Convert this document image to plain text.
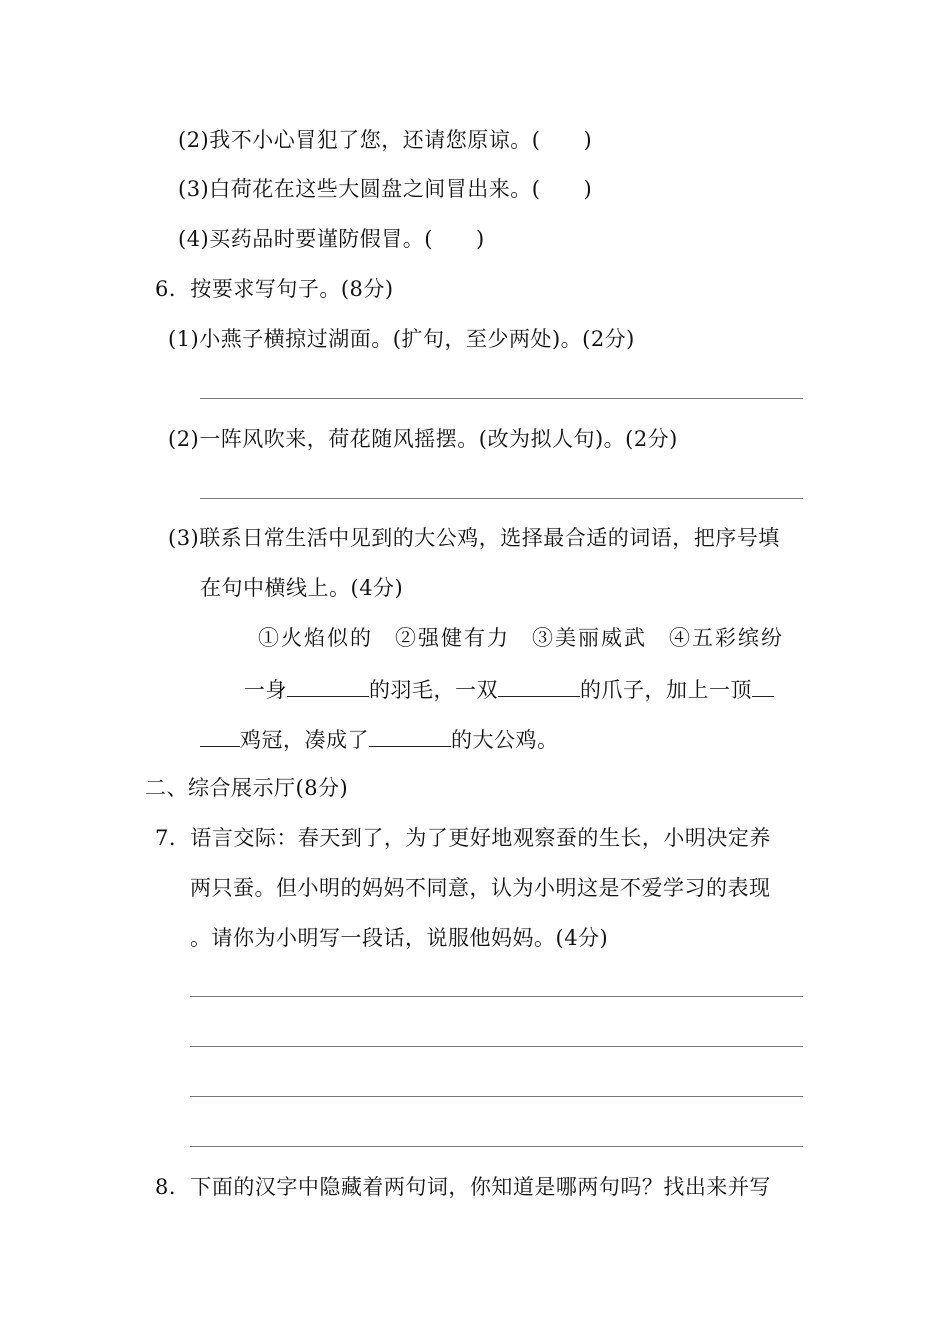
(2)我不小心冒犯了您，还请您原谅。(　　)
(3)白荷花在这些大圆盘之间冒出来。(　　)
(4)买药品时要谨防假冒。(　　)
6．按要求写句子。(8分)
(1)小燕子横掠过湖面。(扩句，至少两处)。(2分)
(2)一阵风吹来，荷花随风摇摆。(改为拟人句)。(2分)
(3)联系日常生活中见到的大公鸡，选择最合适的词语，把序号填
在句中横线上。(4分)
①火焰似的 ②强健有力 ③美丽威武 ④五彩缤纷
一身	的羽毛，一双	的爪子，加上一顶
鸡冠，凑成了	的大公鸡。
二、综合展示厅(8分)
7．语言交际：春天到了，为了更好地观察蚕的生长，小明决定养
两只蚕。但小明的妈妈不同意，认为小明这是不爱学习的表现
。请你为小明写一段话，说服他妈妈。(4分)
8．下面的汉字中隐藏着两句词，你知道是哪两句吗？找出来并写
